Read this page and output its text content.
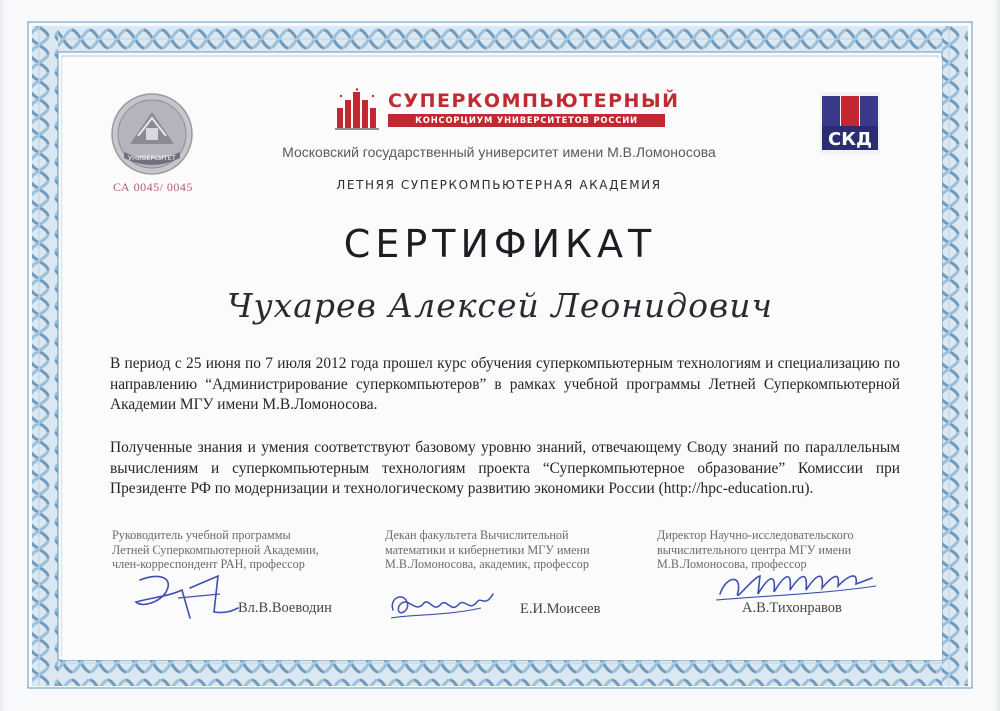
УНИВЕРСИТЕТ
СА 0045/ 0045
СУПЕРКОМПЬЮТЕРНЫЙ
КОНСОРЦИУМ УНИВЕРСИТЕТОВ РОССИИ
Московский государственный университет имени М.В.Ломоносова
ЛЕТНЯЯ СУПЕРКОМПЬЮТЕРНАЯ АКАДЕМИЯ
СКД
СЕРТИФИКАТ
Чухарев Алексей Леонидович
В период с 25 июня по 7 июля 2012 года прошел курс обучения суперкомпьютерным технологиям и специализацию по направлению “Администрирование суперкомпьютеров” в рамках учебной программы Летней Суперкомпьютерной Академии МГУ имени М.В.Ломоносова.
Полученные знания и умения соответствуют базовому уровню знаний, отвечающему Своду знаний по параллельным вычислениям и суперкомпьютерным технологиям проекта “Суперкомпьютерное образование” Комиссии при Президенте РФ по модернизации и технологическому развитию экономики России (http://hpc-education.ru).
Руководитель учебной программы
Летней Суперкомпьютерной Академии,
член-корреспондент РАН, профессор
Декан факультета Вычислительной
математики и кибернетики МГУ имени
М.В.Ломоносова, академик, профессор
Директор Научно-исследовательского
вычислительного центра МГУ имени
М.В.Ломоносова, профессор
Вл.В.Воеводин	Е.И.Моисеев	А.В.Тихонравов
